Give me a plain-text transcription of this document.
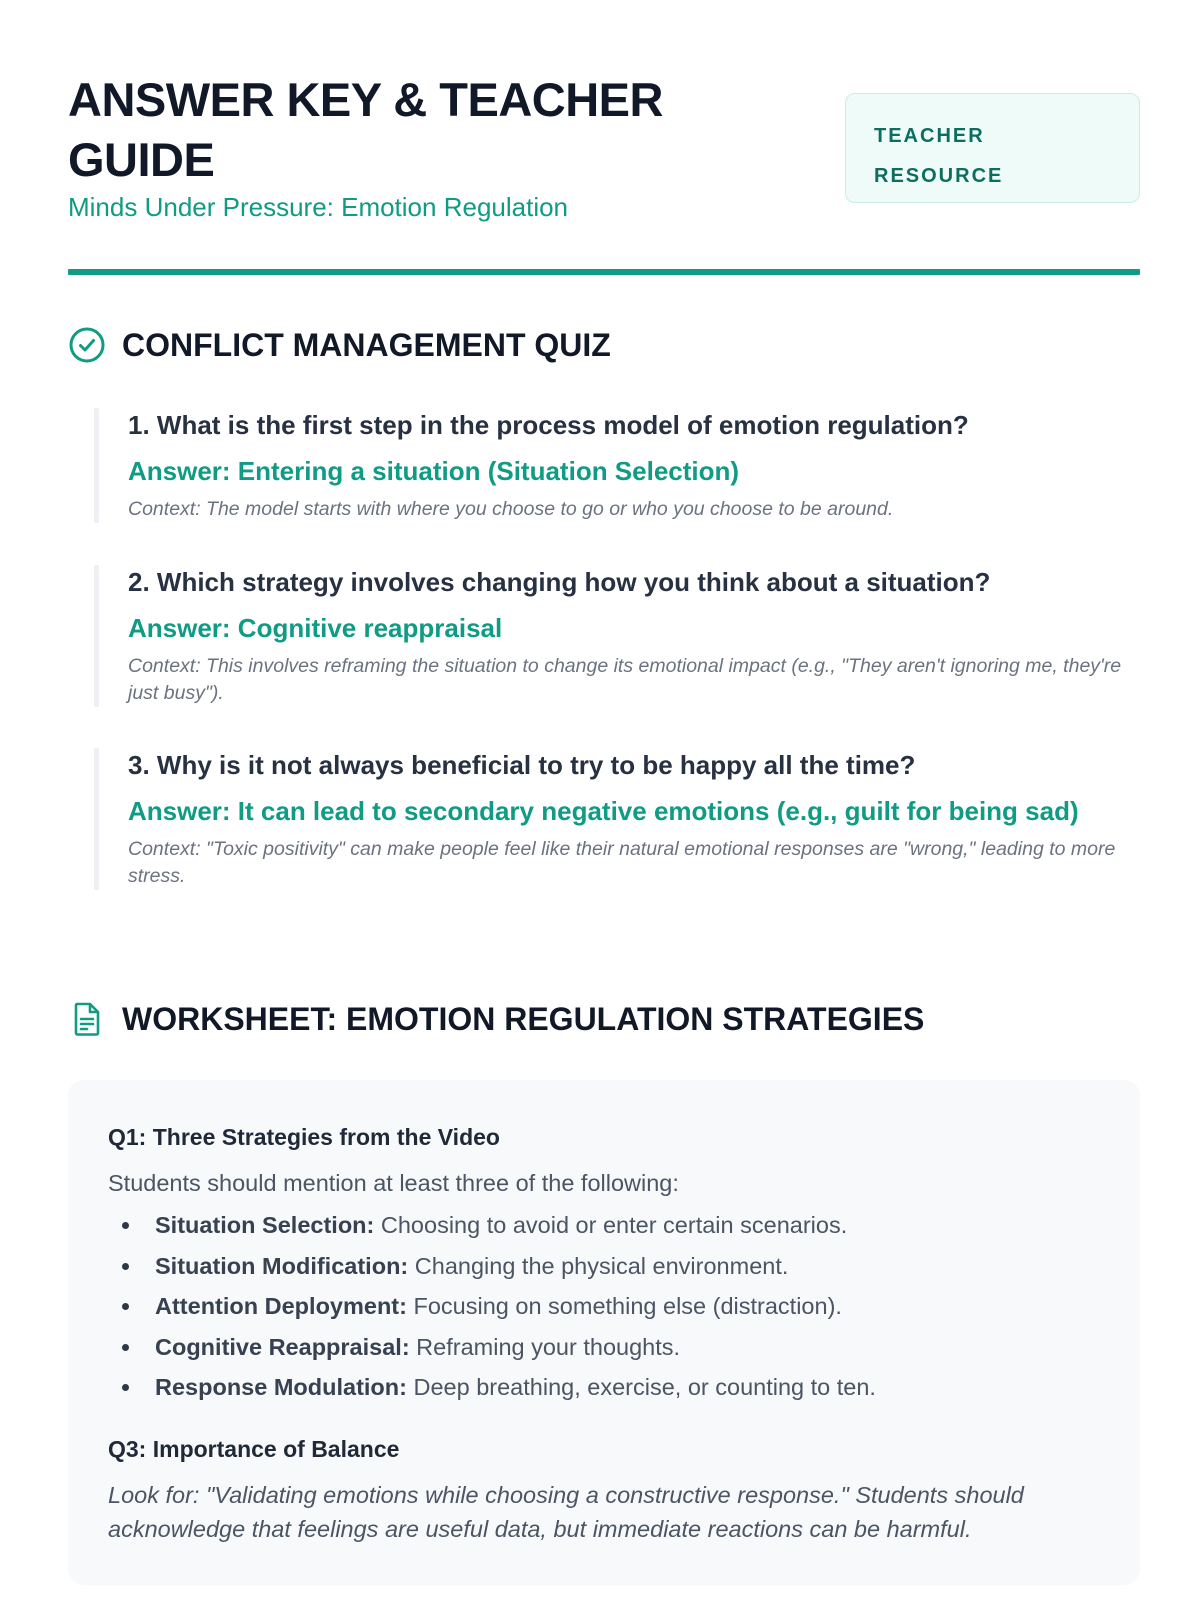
ANSWER KEY & TEACHER GUIDE
Minds Under Pressure: Emotion Regulation
TEACHER RESOURCE
CONFLICT MANAGEMENT QUIZ
1. What is the first step in the process model of emotion regulation?
Answer: Entering a situation (Situation Selection)
Context: The model starts with where you choose to go or who you choose to be around.
2. Which strategy involves changing how you think about a situation?
Answer: Cognitive reappraisal
Context: This involves reframing the situation to change its emotional impact (e.g., "They aren't ignoring me, they're just busy").
3. Why is it not always beneficial to try to be happy all the time?
Answer: It can lead to secondary negative emotions (e.g., guilt for being sad)
Context: "Toxic positivity" can make people feel like their natural emotional responses are "wrong," leading to more stress.
WORKSHEET: EMOTION REGULATION STRATEGIES
Q1: Three Strategies from the Video
Students should mention at least three of the following:
Situation Selection: Choosing to avoid or enter certain scenarios.
Situation Modification: Changing the physical environment.
Attention Deployment: Focusing on something else (distraction).
Cognitive Reappraisal: Reframing your thoughts.
Response Modulation: Deep breathing, exercise, or counting to ten.
Q3: Importance of Balance
Look for: "Validating emotions while choosing a constructive response." Students should acknowledge that feelings are useful data, but immediate reactions can be harmful.
